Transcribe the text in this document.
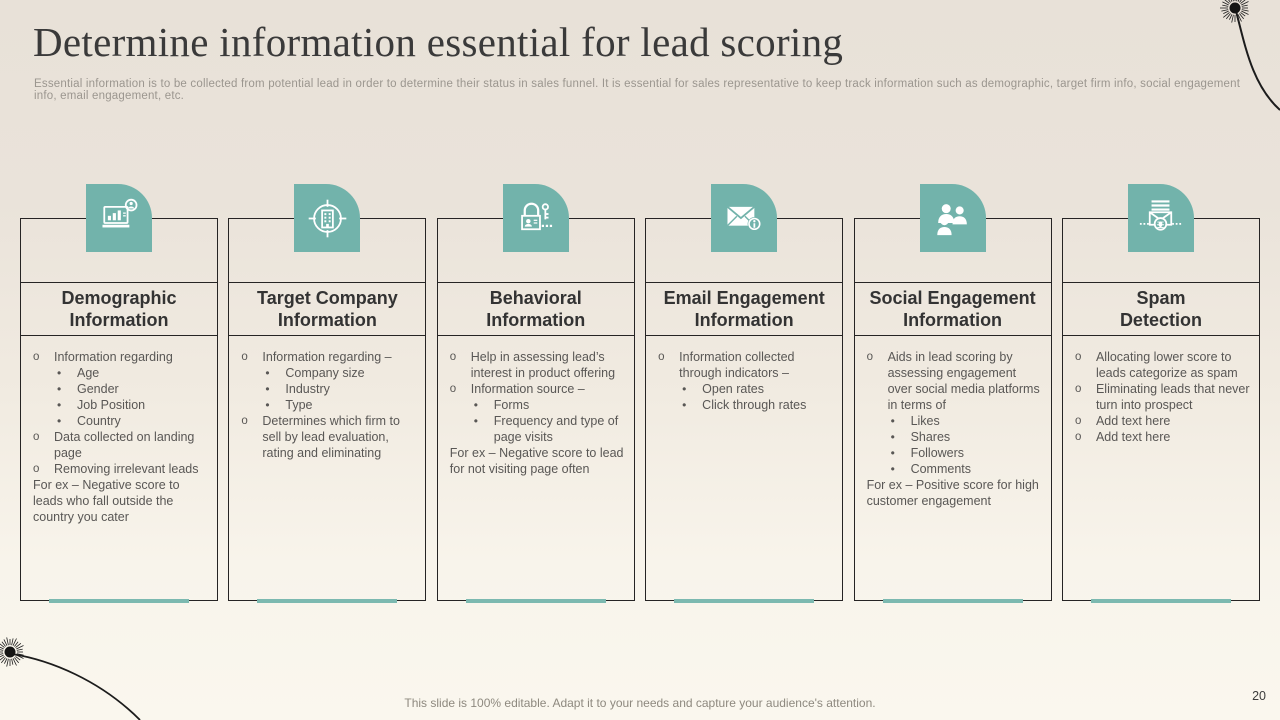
Determine information essential for lead scoring
Essential information is to be collected from potential lead in order to determine their status in sales funnel. It is essential for sales representative to keep track information such as demographic, target firm info, social engagement info, email engagement, etc.
Demographic
Information
o	Information regarding
•	Age
•	Gender
•	Job Position
•	Country
o	Data collected on landing page
o	Removing irrelevant leads
For ex – Negative score to leads who fall outside the country you cater
Target Company
Information
o	Information regarding –
•	Company size
•	Industry
•	Type
o	Determines which firm to sell by lead evaluation, rating and eliminating
Behavioral
Information
o	Help in assessing lead’s interest in product offering
o	Information source –
•	Forms
•	Frequency and type of page visits
For ex – Negative score to lead for not visiting page often
Email Engagement
Information
o	Information collected through indicators –
•	Open rates
•	Click through rates
Social Engagement
Information
o	Aids in lead scoring by assessing engagement over social media platforms in terms of
•	Likes
•	Shares
•	Followers
•	Comments
For ex – Positive score for high customer engagement
Spam
Detection
o	Allocating lower score to leads categorize as spam
o	Eliminating leads that never turn into prospect
o	Add text here
o	Add text here
This slide is 100% editable. Adapt it to your needs and capture your audience's attention.	20
